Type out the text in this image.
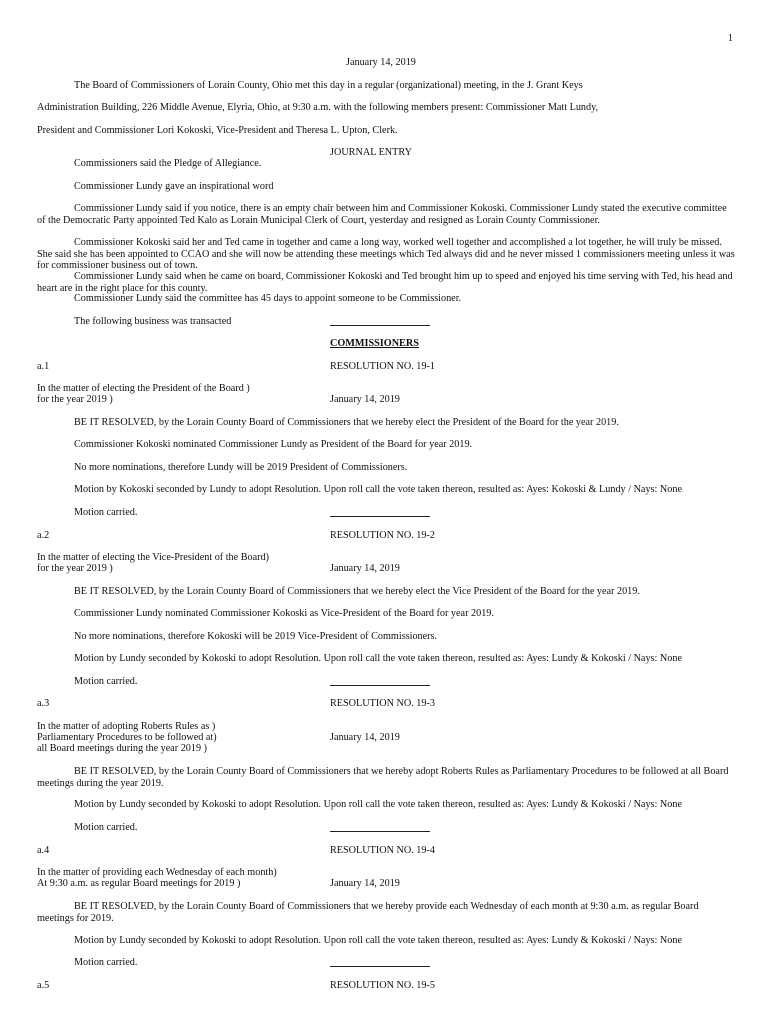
1
January 14, 2019
The Board of Commissioners of Lorain County, Ohio met this day in a regular (organizational) meeting, in the J. Grant Keys
Administration Building, 226 Middle Avenue, Elyria, Ohio, at 9:30 a.m. with the following members present: Commissioner Matt Lundy,
President and Commissioner Lori Kokoski, Vice-President and Theresa L. Upton, Clerk.
JOURNAL ENTRY
Commissioners said the Pledge of Allegiance.
Commissioner Lundy gave an inspirational word

Commissioner Lundy said if you notice, there is an empty chair between him and Commissioner Kokoski. Commissioner Lundy stated the executive committee of the Democratic Party appointed Ted Kalo as Lorain Municipal Clerk of Court, yesterday and resigned as Lorain County Commissioner.

Commissioner Kokoski said her and Ted came in together and came a long way, worked well together and accomplished a lot together, he will truly be missed. She said she has been appointed to CCAO and she will now be attending these meetings which Ted always did and he never missed 1 commissioners meeting unless it was for commissioner business out of town.

Commissioner Lundy said when he came on board, Commissioner Kokoski and Ted brought him up to speed and enjoyed his time serving with Ted, his head and heart are in the right place for this county.

Commissioner Lundy said the committee has 45 days to appoint someone to be Commissioner.

The following business was transacted
COMMISSIONERS
a.1	RESOLUTION NO. 19-1
In the matter of electing the President of the Board )
for the year 2019 )	January 14, 2019
BE IT RESOLVED, by the Lorain County Board of Commissioners that we hereby elect the President of the Board for the year 2019.
Commissioner Kokoski nominated Commissioner Lundy as President of the Board for year 2019.
No more nominations, therefore Lundy will be 2019 President of Commissioners.

Motion by Kokoski seconded by Lundy to adopt Resolution. Upon roll call the vote taken thereon, resulted as: Ayes: Kokoski & Lundy / Nays: None

Motion carried.
a.2	RESOLUTION NO. 19-2
In the matter of electing the Vice-President of the Board)
for the year 2019 )	January 14, 2019
BE IT RESOLVED, by the Lorain County Board of Commissioners that we hereby elect the Vice President of the Board for the year 2019.
Commissioner Lundy nominated Commissioner Kokoski as Vice-President of the Board for year 2019.
No more nominations, therefore Kokoski will be 2019 Vice-President of Commissioners.

Motion by Lundy seconded by Kokoski to adopt Resolution. Upon roll call the vote taken thereon, resulted as: Ayes: Lundy & Kokoski / Nays: None

Motion carried.
a.3	RESOLUTION NO. 19-3
In the matter of adopting Roberts Rules as )
Parliamentary Procedures to be followed at)	January 14, 2019
all Board meetings during the year 2019 )

BE IT RESOLVED, by the Lorain County Board of Commissioners that we hereby adopt Roberts Rules as Parliamentary Procedures to be followed at all Board meetings during the year 2019.

Motion by Lundy seconded by Kokoski to adopt Resolution. Upon roll call the vote taken thereon, resulted as: Ayes: Lundy & Kokoski / Nays: None

Motion carried.
a.4	RESOLUTION NO. 19-4
In the matter of providing each Wednesday of each month)
At 9:30 a.m. as regular Board meetings for 2019 )	January 14, 2019

BE IT RESOLVED, by the Lorain County Board of Commissioners that we hereby provide each Wednesday of each month at 9:30 a.m. as regular Board meetings for 2019.

Motion by Lundy seconded by Kokoski to adopt Resolution. Upon roll call the vote taken thereon, resulted as: Ayes: Lundy & Kokoski / Nays: None

Motion carried.
a.5	RESOLUTION NO. 19-5
